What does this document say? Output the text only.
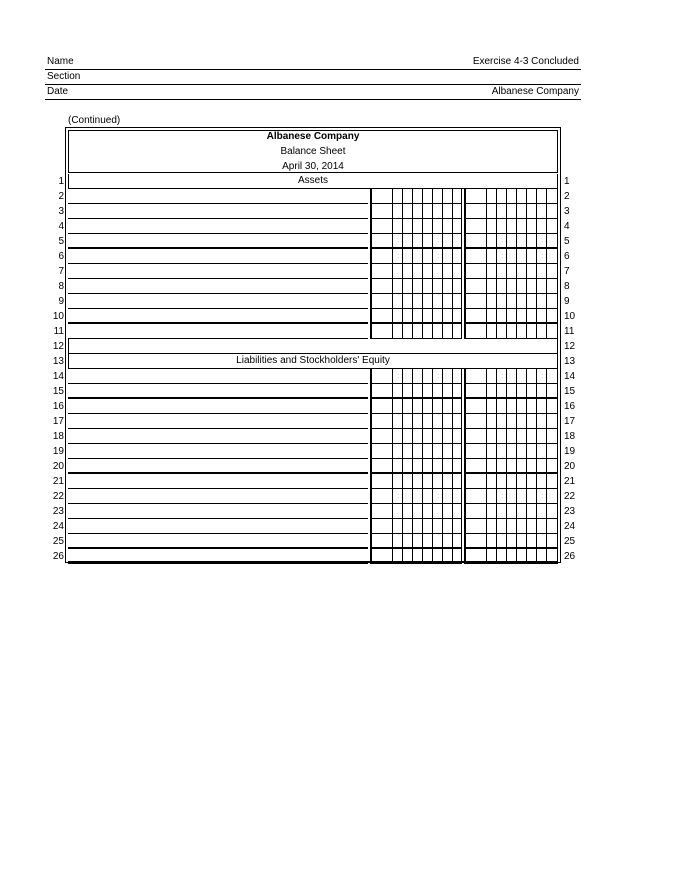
Name	Exercise 4-3 Concluded
Section
Date	Albanese Company
(Continued)
Albanese Company
Balance Sheet
April 30, 2014
1	1
Assets
2	2
3	3
4	4
5	5
6	6
7	7
8	8
9	9
10	10
11	11
12	12
13	13
Liabilities and Stockholders' Equity
14	14
15	15
16	16
17	17
18	18
19	19
20	20
21	21
22	22
23	23
24	24
25	25
26	26
